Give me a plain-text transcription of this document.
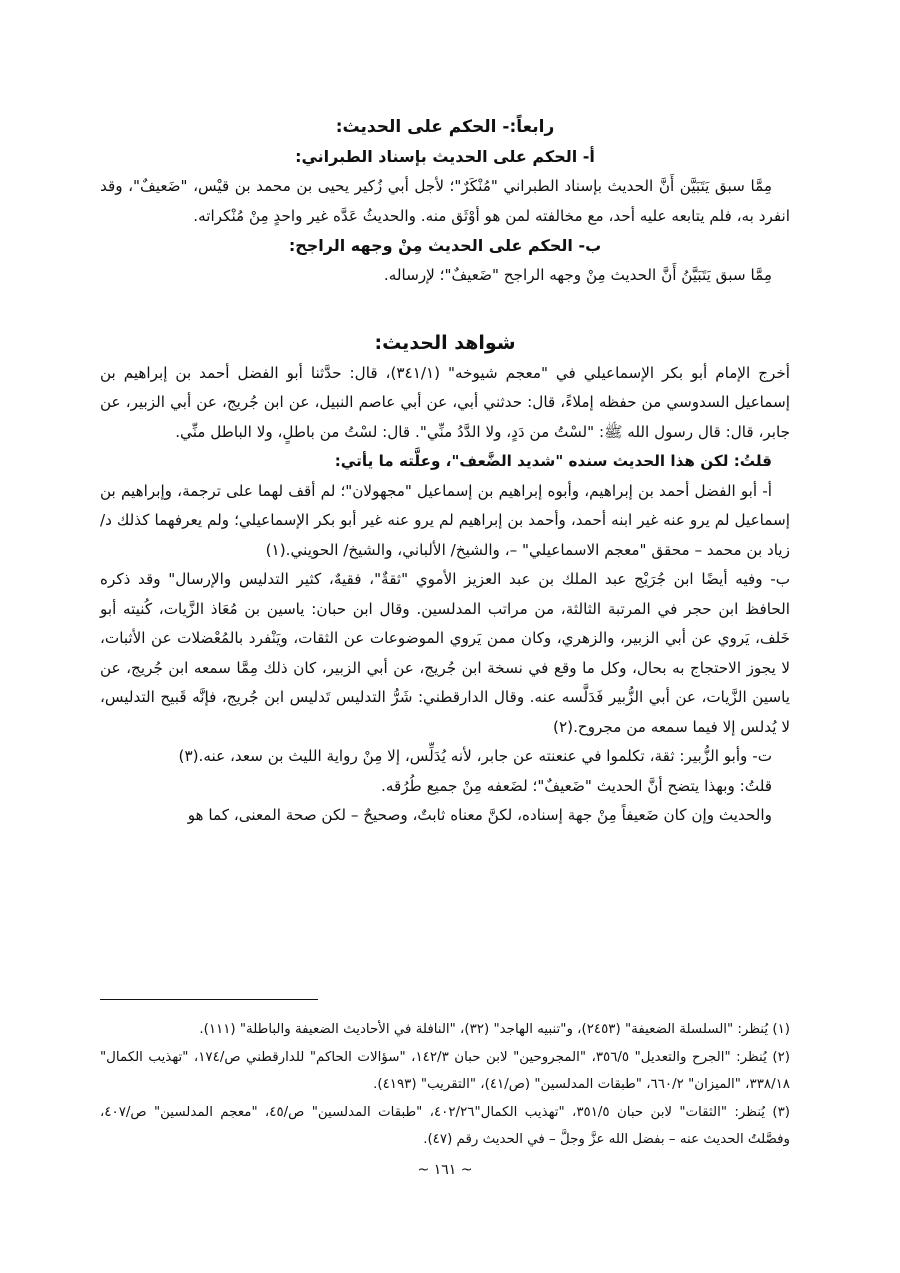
رابعاً:- الحكم على الحديث:
أ- الحكم على الحديث بإسناد الطبراني:

مِمَّا سبق يَتَبَيَّن أَنَّ الحديث بإسناد الطبراني "مُنْكَرٌ"؛ لأجل أبي زُكير يحيى بن محمد بن قيْس، "ضَعيفٌ"، وقد انفرد به، فلم يتابعه عليه أحد، مع مخالفته لمن هو أوْثَق منه. والحديثُ عَدَّه غير واحدٍ مِنْ مُنْكراته.

ب- الحكم على الحديث مِنْ وجهه الراجح:

مِمَّا سبق يَتَبَيَّنُ أَنَّ الحديث مِنْ وجهه الراجح "ضَعيفٌ"؛ لإرساله.

شواهد الحديث:

أخرج الإمام أبو بكر الإسماعيلي في "معجم شيوخه" (٣٤١/١)، قال: حدَّثنا أبو الفضل أحمد بن إبراهيم بن إسماعيل السدوسي من حفظه إملاءً، قال: حدثني أبي، عن أبي عاصم النبيل، عن ابن جُريج، عن أبي الزبير، عن جابر، قال: قال رسول الله ﷺ: "لسْتُ من دَدٍ، ولا الدَّدُ منِّي". قال: لسْتُ من باطلٍ، ولا الباطل منِّي.

قلتُ: لكن هذا الحديث سنده "شديد الضَّعف"، وعلَّته ما يأتي:

أ- أبو الفضل أحمد بن إبراهيم، وأبوه إبراهيم بن إسماعيل "مجهولان"؛ لم أقف لهما على ترجمة، وإبراهيم بن إسماعيل لم يرو عنه غير ابنه أحمد، وأحمد بن إبراهيم لم يرو عنه غير أبو بكر الإسماعيلي؛ ولم يعرفهما كذلك د/زياد بن محمد – محقق "معجم الاسماعيلي" –، والشيخ/ الألباني، والشيخ/ الحويني.(١)

ب- وفيه أيضًا ابن جُرَيْج عبد الملك بن عبد العزيز الأموي "ثقةٌ"، فقيهٌ، كثير التدليس والإرسال" وقد ذكره الحافظ ابن حجر في المرتبة الثالثة، من مراتب المدلسين. وقال ابن حبان: ياسين بن مُعَاذ الزَّيات، كُنيته أبو خَلف، يَروي عن أبي الزبير، والزهري، وكان ممن يَروي الموضوعات عن الثقات، ويَنْفرد بالمُعْضلات عن الأثبات، لا يجوز الاحتجاج به بحال، وكل ما وقع في نسخة ابن جُريج، عن أبي الزبير، كان ذلك مِمَّا سمعه ابن جُريج، عن ياسين الزَّيات، عن أبي الزُّبير فَدَلَّسه عنه. وقال الدارقطني: شَرُّ التدليس تَدليس ابن جُريج، فإنَّه قَبيح التدليس، لا يُدلس إلا فيما سمعه من مجروح.(٢)

ت- وأبو الزُّبير: ثقة، تكلموا في عنعنته عن جابر، لأنه يُدَلِّس، إلا مِنْ رواية الليث بن سعد، عنه.(٣)

قلتُ: وبهذا يتضح أنَّ الحديث "ضَعيفٌ"؛ لضَعفه مِنْ جميع طُرُقه.

والحديث وإن كان ضَعيفاً مِنْ جهة إسناده، لكنَّ معناه ثابتٌ، وصحيحٌ – لكن صحة المعنى، كما هو

(١) يُنظر: "السلسلة الضعيفة" (٢٤٥٣)، و"تنبيه الهاجد" (٣٢)، "النافلة في الأحاديث الضعيفة والباطلة" (١١١).

(٢) يُنظر: "الجرح والتعديل" ٣٥٦/٥، "المجروحين" لابن حبان ١٤٢/٣، "سؤالات الحاكم" للدارقطني ص/١٧٤، "تهذيب الكمال" ٣٣٨/١٨، "الميزان" ٦٦٠/٢، "طبقات المدلسين" (ص/٤١)، "التقريب" (٤١٩٣).

(٣) يُنظر: "الثقات" لابن حبان ٣٥١/٥، "تهذيب الكمال"٤٠٢/٢٦، "طبقات المدلسين" ص/٤٥، "معجم المدلسين" ص/٤٠٧، وفصَّلتُ الحديث عنه – بفضل الله عزَّ وجلَّ – في الحديث رقم (٤٧).

~ ١٦١ ~
